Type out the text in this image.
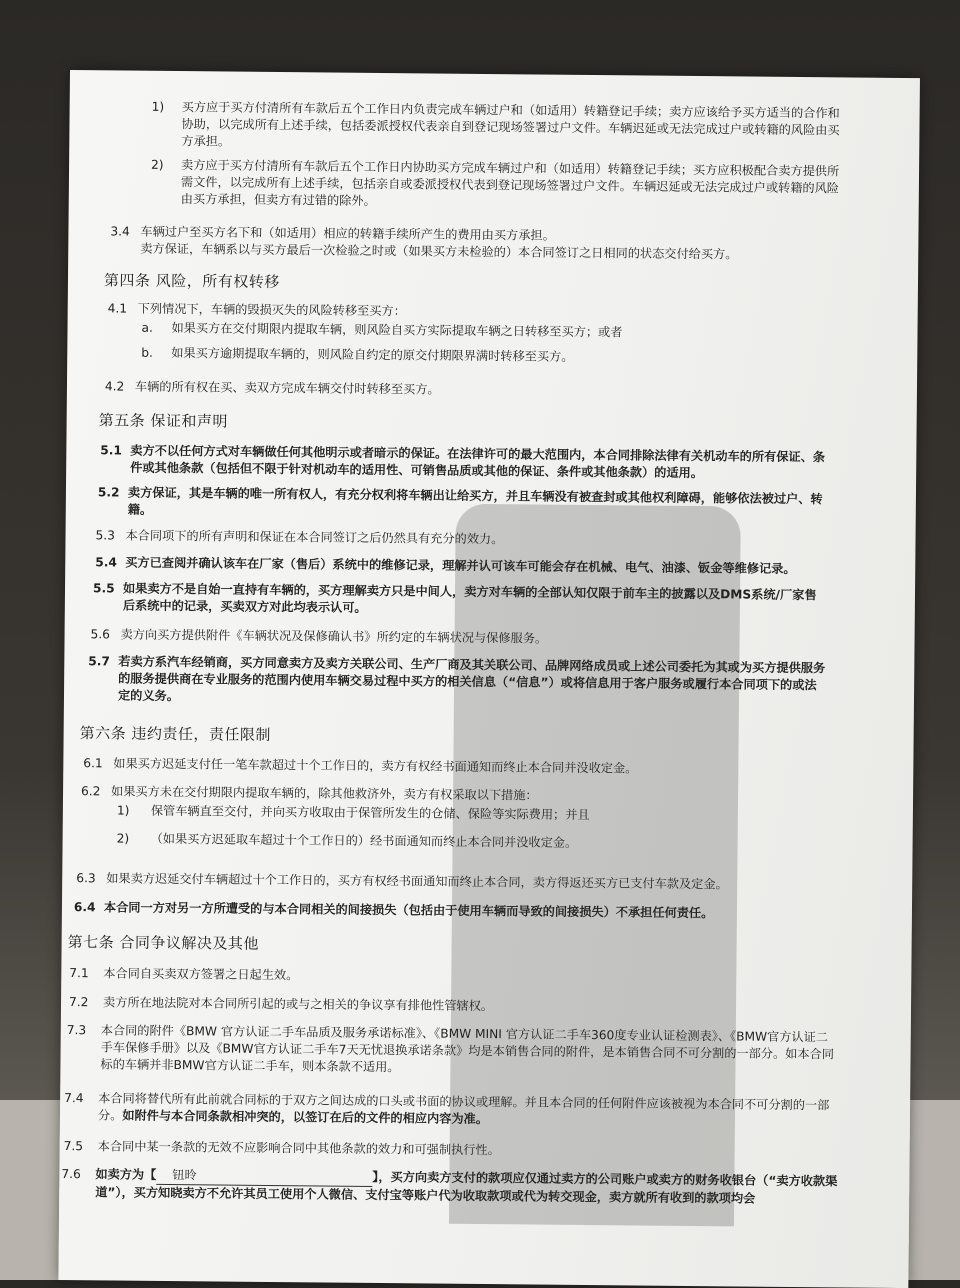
1) 买方应于买方付清所有车款后五个工作日内负责完成车辆过户和（如适用）转籍登记手续；卖方应该给予买方适当的合作和协助，以完成所有上述手续，包括委派授权代表亲自到登记现场签署过户文件。车辆迟延或无法完成过户或转籍的风险由买方承担。

2) 卖方应于买方付清所有车款后五个工作日内协助买方完成车辆过户和（如适用）转籍登记手续；买方应积极配合卖方提供所需文件，以完成所有上述手续，包括亲自或委派授权代表到登记现场签署过户文件。车辆迟延或无法完成过户或转籍的风险由买方承担，但卖方有过错的除外。

3.4 车辆过户至买方名下和（如适用）相应的转籍手续所产生的费用由买方承担。

卖方保证，车辆系以与买方最后一次检验之时或（如果买方未检验的）本合同签订之日相同的状态交付给买方。

第四条 风险，所有权转移
4.1 下列情况下，车辆的毁损灭失的风险转移至买方：

a. 如果买方在交付期限内提取车辆，则风险自买方实际提取车辆之日转移至买方；或者

b. 如果买方逾期提取车辆的，则风险自约定的原交付期限界满时转移至买方。

4.2 车辆的所有权在买、卖双方完成车辆交付时转移至买方。

第五条 保证和声明
5.1 卖方不以任何方式对车辆做任何其他明示或者暗示的保证。在法律许可的最大范围内，本合同排除法律有关机动车的所有保证、条件或其他条款（包括但不限于针对机动车的适用性、可销售品质或其他的保证、条件或其他条款）的适用。

5.2 卖方保证，其是车辆的唯一所有权人，有充分权利将车辆出让给买方，并且车辆没有被查封或其他权利障碍，能够依法被过户、转籍。

5.3 本合同项下的所有声明和保证在本合同签订之后仍然具有充分的效力。

5.4 买方已查阅并确认该车在厂家（售后）系统中的维修记录，理解并认可该车可能会存在机械、电气、油漆、钣金等维修记录。

5.5 如果卖方不是自始一直持有车辆的，买方理解卖方只是中间人，卖方对车辆的全部认知仅限于前车主的披露以及DMS系统/厂家售后系统中的记录，买卖双方对此均表示认可。

5.6 卖方向买方提供附件《车辆状况及保修确认书》所约定的车辆状况与保修服务。

5.7 若卖方系汽车经销商，买方同意卖方及卖方关联公司、生产厂商及其关联公司、品牌网络成员或上述公司委托为其或为买方提供服务的服务提供商在专业服务的范围内使用车辆交易过程中买方的相关信息（“信息”）或将信息用于客户服务或履行本合同项下的或法定的义务。

第六条 违约责任，责任限制
6.1 如果买方迟延支付任一笔车款超过十个工作日的，卖方有权经书面通知而终止本合同并没收定金。

6.2 如果买方未在交付期限内提取车辆的，除其他救济外，卖方有权采取以下措施：

1) 保管车辆直至交付，并向买方收取由于保管所发生的仓储、保险等实际费用；并且

2) （如果买方迟延取车超过十个工作日的）经书面通知而终止本合同并没收定金。

6.3 如果卖方迟延交付车辆超过十个工作日的，买方有权经书面通知而终止本合同，卖方得返还买方已支付车款及定金。

6.4 本合同一方对另一方所遭受的与本合同相关的间接损失（包括由于使用车辆而导致的间接损失）不承担任何责任。

第七条 合同争议解决及其他
7.1 本合同自买卖双方签署之日起生效。

7.2 卖方所在地法院对本合同所引起的或与之相关的争议享有排他性管辖权。

7.3 本合同的附件《BMW 官方认证二手车品质及服务承诺标准》、《BMW MINI 官方认证二手车360度专业认证检测表》、《BMW官方认证二手车保修手册》以及《BMW官方认证二手车7天无忧退换承诺条款》均是本销售合同的附件，是本销售合同不可分割的一部分。如本合同标的车辆并非BMW官方认证二手车，则本条款不适用。

7.4 本合同将替代所有此前就合同标的于双方之间达成的口头或书面的协议或理解。并且本合同的任何附件应该被视为本合同不可分割的一部分。如附件与本合同条款相冲突的，以签订在后的文件的相应内容为准。

7.5 本合同中某一条款的无效不应影响合同中其他条款的效力和可强制执行性。

7.6 如卖方为【 钮昤	】，买方向卖方支付的款项应仅通过卖方的公司账户或卖方的财务收银台（“卖方收款渠道”），买方知晓卖方不允许其员工使用个人微信、支付宝等账户代为收取款项或代为转交现金，卖方就所有收到的款项均会
